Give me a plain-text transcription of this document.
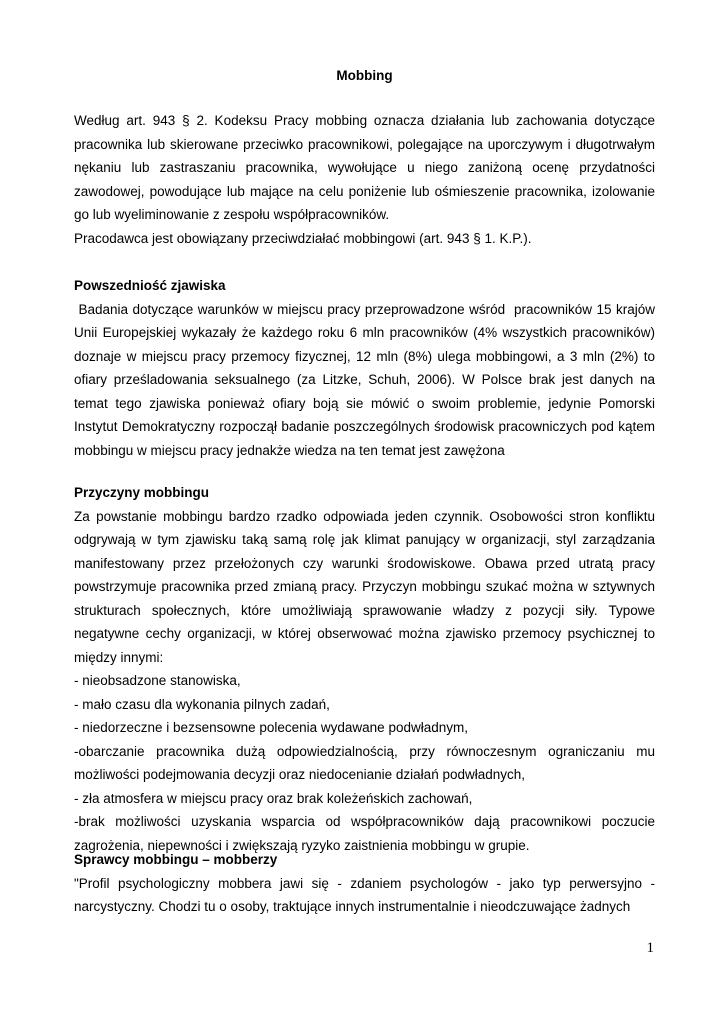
Mobbing

Według art. 943 § 2. Kodeksu Pracy mobbing oznacza działania lub zachowania dotyczące pracownika lub skierowane przeciwko pracownikowi, polegające na uporczywym i długotrwałym nękaniu lub zastraszaniu pracownika, wywołujące u niego zaniżoną ocenę przydatności zawodowej, powodujące lub mające na celu poniżenie lub ośmieszenie pracownika, izolowanie go lub wyeliminowanie z zespołu współpracowników.

Pracodawca jest obowiązany przeciwdziałać mobbingowi (art. 943 § 1. K.P.).

Powszedniość zjawiska

Badania dotyczące warunków w miejscu pracy przeprowadzone wśród  pracowników 15 krajów Unii Europejskiej wykazały że każdego roku 6 mln pracowników (4% wszystkich pracowników) doznaje w miejscu pracy przemocy fizycznej, 12 mln (8%) ulega mobbingowi, a 3 mln (2%) to ofiary prześladowania seksualnego (za Litzke, Schuh, 2006). W Polsce brak jest danych na temat tego zjawiska ponieważ ofiary boją sie mówić o swoim problemie, jedynie Pomorski Instytut Demokratyczny rozpoczął badanie poszczególnych środowisk pracowniczych pod kątem mobbingu w miejscu pracy jednakże wiedza na ten temat jest zawężona

Przyczyny mobbingu

Za powstanie mobbingu bardzo rzadko odpowiada jeden czynnik. Osobowości stron konfliktu odgrywają w tym zjawisku taką samą rolę jak klimat panujący w organizacji, styl zarządzania manifestowany przez przełożonych czy warunki środowiskowe. Obawa przed utratą pracy powstrzymuje pracownika przed zmianą pracy. Przyczyn mobbingu szukać można w sztywnych strukturach społecznych, które umożliwiają sprawowanie władzy z pozycji siły. Typowe negatywne cechy organizacji, w której obserwować można zjawisko przemocy psychicznej to między innymi:

- nieobsadzone stanowiska,

- mało czasu dla wykonania pilnych zadań,

- niedorzeczne i bezsensowne polecenia wydawane podwładnym,

-obarczanie pracownika dużą odpowiedzialnością, przy równoczesnym ograniczaniu mu możliwości podejmowania decyzji oraz niedocenianie działań podwładnych,

- zła atmosfera w miejscu pracy oraz brak koleżeńskich zachowań,

-brak możliwości uzyskania wsparcia od współpracowników dają pracownikowi poczucie zagrożenia, niepewności i zwiększają ryzyko zaistnienia mobbingu w grupie.

Sprawcy mobbingu – mobberzy

"Profil psychologiczny mobbera jawi się - zdaniem psychologów - jako typ perwersyjno - narcystyczny. Chodzi tu o osoby, traktujące innych instrumentalnie i nieodczuwające żadnych

1
